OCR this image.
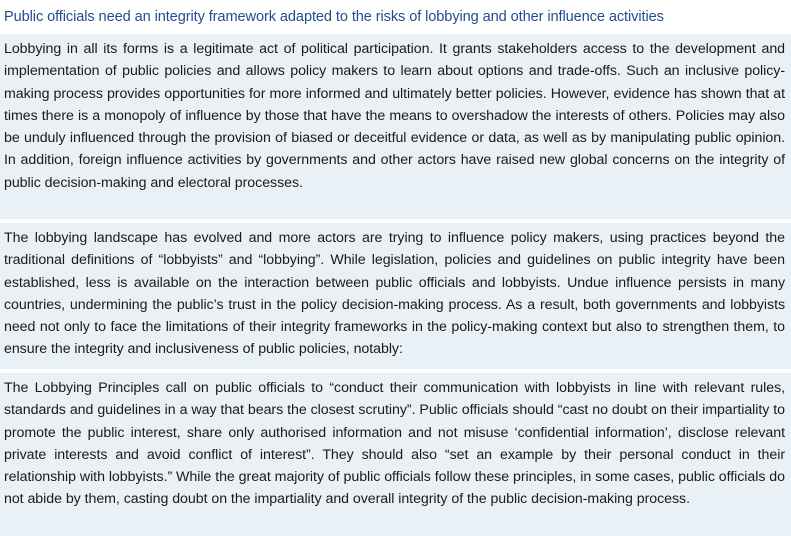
Public officials need an integrity framework adapted to the risks of lobbying and other influence activities

Lobbying in all its forms is a legitimate act of political participation. It grants stakeholders access to the development and implementation of public policies and allows policy makers to learn about options and trade-offs. Such an inclusive policy-making process provides opportunities for more informed and ultimately better policies. However, evidence has shown that at times there is a monopoly of influence by those that have the means to overshadow the interests of others. Policies may also be unduly influenced through the provision of biased or deceitful evidence or data, as well as by manipulating public opinion. In addition, foreign influence activities by governments and other actors have raised new global concerns on the integrity of public decision-making and electoral processes.

The lobbying landscape has evolved and more actors are trying to influence policy makers, using practices beyond the traditional definitions of “lobbyists” and “lobbying”. While legislation, policies and guidelines on public integrity have been established, less is available on the interaction between public officials and lobbyists. Undue influence persists in many countries, undermining the public’s trust in the policy decision-making process. As a result, both governments and lobbyists need not only to face the limitations of their integrity frameworks in the policy-making context but also to strengthen them, to ensure the integrity and inclusiveness of public policies, notably:

The Lobbying Principles call on public officials to “conduct their communication with lobbyists in line with relevant rules, standards and guidelines in a way that bears the closest scrutiny”. Public officials should “cast no doubt on their impartiality to promote the public interest, share only authorised information and not misuse ‘confidential information’, disclose relevant private interests and avoid conflict of interest”. They should also “set an example by their personal conduct in their relationship with lobbyists.” While the great majority of public officials follow these principles, in some cases, public officials do not abide by them, casting doubt on the impartiality and overall integrity of the public decision-making process.
